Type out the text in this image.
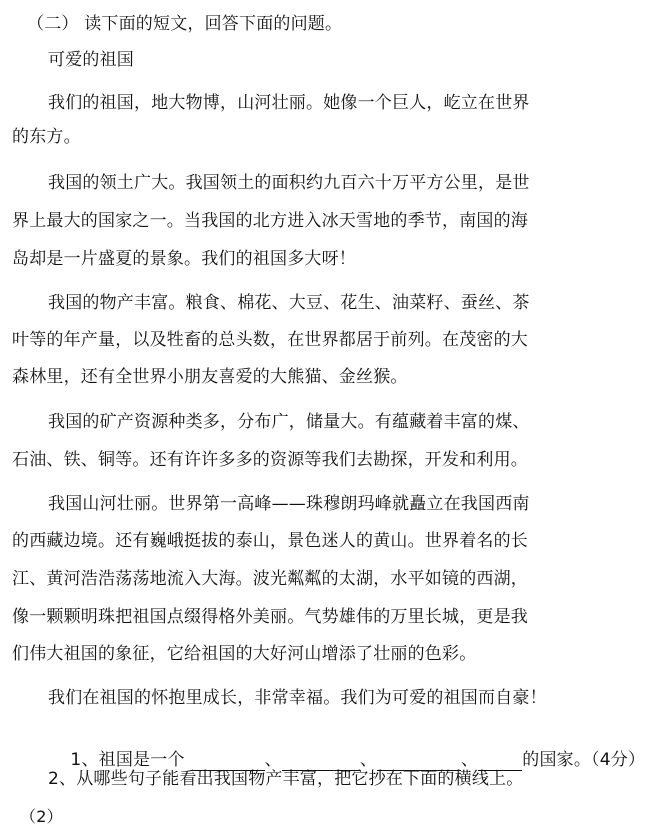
（二） 读下面的短文，回答下面的问题。
可爱的祖国
我们的祖国，地大物博，山河壮丽。她像一个巨人，屹立在世界
的东方。
我国的领土广大。我国领土的面积约九百六十万平方公里，是世
界上最大的国家之一。当我国的北方进入冰天雪地的季节，南国的海
岛却是一片盛夏的景象。我们的祖国多大呀！
我国的物产丰富。粮食、棉花、大豆、花生、油菜籽、蚕丝、茶
叶等的年产量，以及牲畜的总头数，在世界都居于前列。在茂密的大
森林里，还有全世界小朋友喜爱的大熊猫、金丝猴。
我国的矿产资源种类多，分布广，储量大。有蕴藏着丰富的煤、
石油、铁、铜等。还有许许多多的资源等我们去勘探，开发和利用。
我国山河壮丽。世界第一高峰——珠穆朗玛峰就矗立在我国西南
的西藏边境。还有巍峨挺拔的泰山，景色迷人的黄山。世界着名的长
江、黄河浩浩荡荡地流入大海。波光粼粼的太湖，水平如镜的西湖，
像一颗颗明珠把祖国点缀得格外美丽。气势雄伟的万里长城，更是我
们伟大祖国的象征，它给祖国的大好河山增添了壮丽的色彩。
我们在祖国的怀抱里成长，非常幸福。我们为可爱的祖国而自豪！

1、祖国是一个	、	、	、	的国家。（4分）

2、从哪些句子能看出我国物产丰富，把它抄在下面的横线上。
（2）
